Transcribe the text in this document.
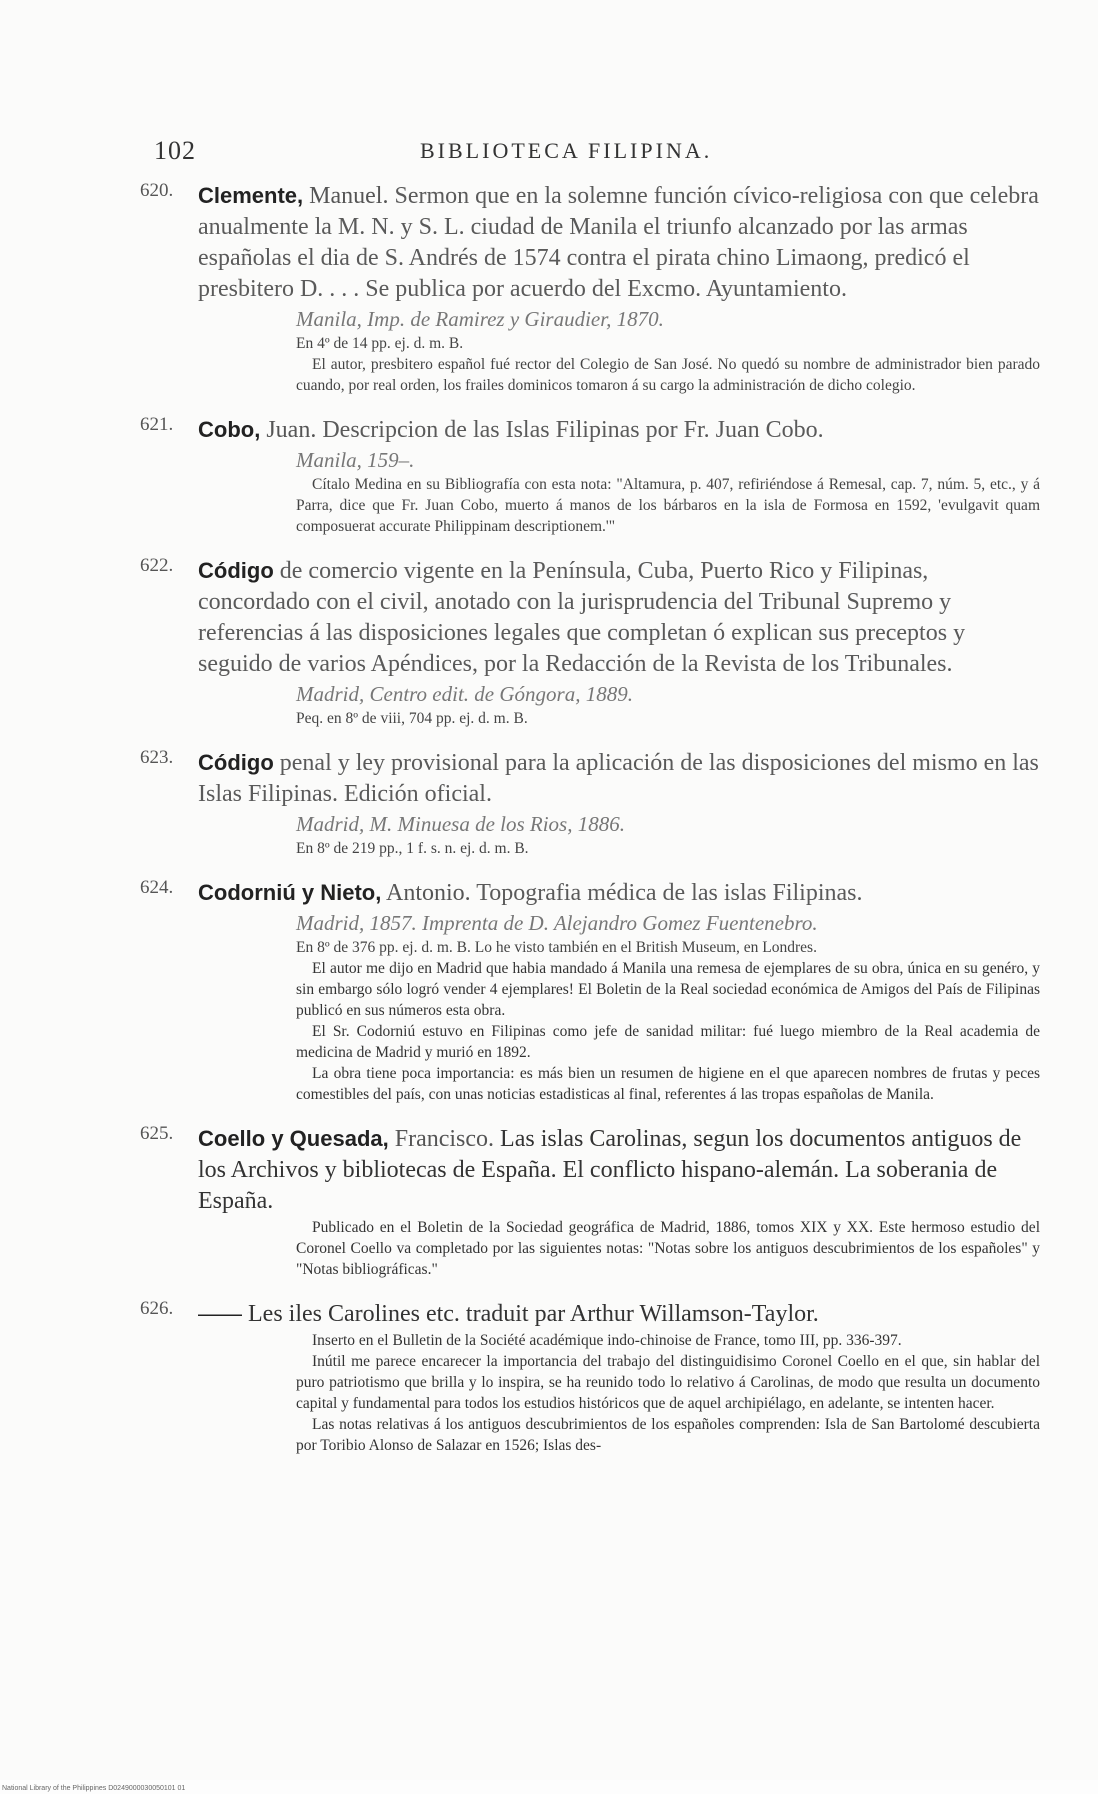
102	BIBLIOTECA FILIPINA.
620.	Clemente, Manuel. Sermon que en la solemne función cívico-religiosa con que celebra anualmente la M. N. y S. L. ciudad de Manila el triunfo alcanzado por las armas españolas el dia de S. Andrés de 1574 contra el pirata chino Limaong, predicó el presbitero D. . . . Se publica por acuerdo del Excmo. Ayuntamiento.
Manila, Imp. de Ramirez y Giraudier, 1870.
En 4º de 14 pp. ej. d. m. B.
El autor, presbitero español fué rector del Colegio de San José. No quedó su nombre de administrador bien parado cuando, por real orden, los frailes dominicos tomaron á su cargo la administración de dicho colegio.
621.	Cobo, Juan. Descripcion de las Islas Filipinas por Fr. Juan Cobo.
Manila, 159–.
Cítalo Medina en su Bibliografía con esta nota: "Altamura, p. 407, refiriéndose á Remesal, cap. 7, núm. 5, etc., y á Parra, dice que Fr. Juan Cobo, muerto á manos de los bárbaros en la isla de Formosa en 1592, 'evulgavit quam composuerat accurate Philippinam descriptionem.'"
622.	Código de comercio vigente en la Península, Cuba, Puerto Rico y Filipinas, concordado con el civil, anotado con la jurisprudencia del Tribunal Supremo y referencias á las disposiciones legales que completan ó explican sus preceptos y seguido de varios Apéndices, por la Redacción de la Revista de los Tribunales.
Madrid, Centro edit. de Góngora, 1889.
Peq. en 8º de viii, 704 pp. ej. d. m. B.
623.	Código penal y ley provisional para la aplicación de las disposiciones del mismo en las Islas Filipinas. Edición oficial.
Madrid, M. Minuesa de los Rios, 1886.
En 8º de 219 pp., 1 f. s. n. ej. d. m. B.
624.	Codorniú y Nieto, Antonio. Topografia médica de las islas Filipinas.
Madrid, 1857. Imprenta de D. Alejandro Gomez Fuentenebro.
En 8º de 376 pp. ej. d. m. B. Lo he visto también en el British Museum, en Londres.
El autor me dijo en Madrid que habia mandado á Manila una remesa de ejemplares de su obra, única en su genéro, y sin embargo sólo logró vender 4 ejemplares! El Boletin de la Real sociedad económica de Amigos del País de Filipinas publicó en sus números esta obra.
El Sr. Codorniú estuvo en Filipinas como jefe de sanidad militar: fué luego miembro de la Real academia de medicina de Madrid y murió en 1892.
La obra tiene poca importancia: es más bien un resumen de higiene en el que aparecen nombres de frutas y peces comestibles del país, con unas noticias estadisticas al final, referentes á las tropas españolas de Manila.
625.	Coello y Quesada, Francisco. Las islas Carolinas, segun los documentos antiguos de los Archivos y bibliotecas de España. El conflicto hispano-alemán. La soberania de España.
Publicado en el Boletin de la Sociedad geográfica de Madrid, 1886, tomos XIX y XX. Este hermoso estudio del Coronel Coello va completado por las siguientes notas: "Notas sobre los antiguos descubrimientos de los españoles" y "Notas bibliográficas."
626.	—— Les iles Carolines etc. traduit par Arthur Willamson-Taylor.
Inserto en el Bulletin de la Société académique indo-chinoise de France, tomo III, pp. 336-397.
Inútil me parece encarecer la importancia del trabajo del distinguidisimo Coronel Coello en el que, sin hablar del puro patriotismo que brilla y lo inspira, se ha reunido todo lo relativo á Carolinas, de modo que resulta un documento capital y fundamental para todos los estudios históricos que de aquel archipiélago, en adelante, se intenten hacer.
Las notas relativas á los antiguos descubrimientos de los españoles comprenden: Isla de San Bartolomé descubierta por Toribio Alonso de Salazar en 1526; Islas des-
National Library of the Philippines D0249000030050101 01
